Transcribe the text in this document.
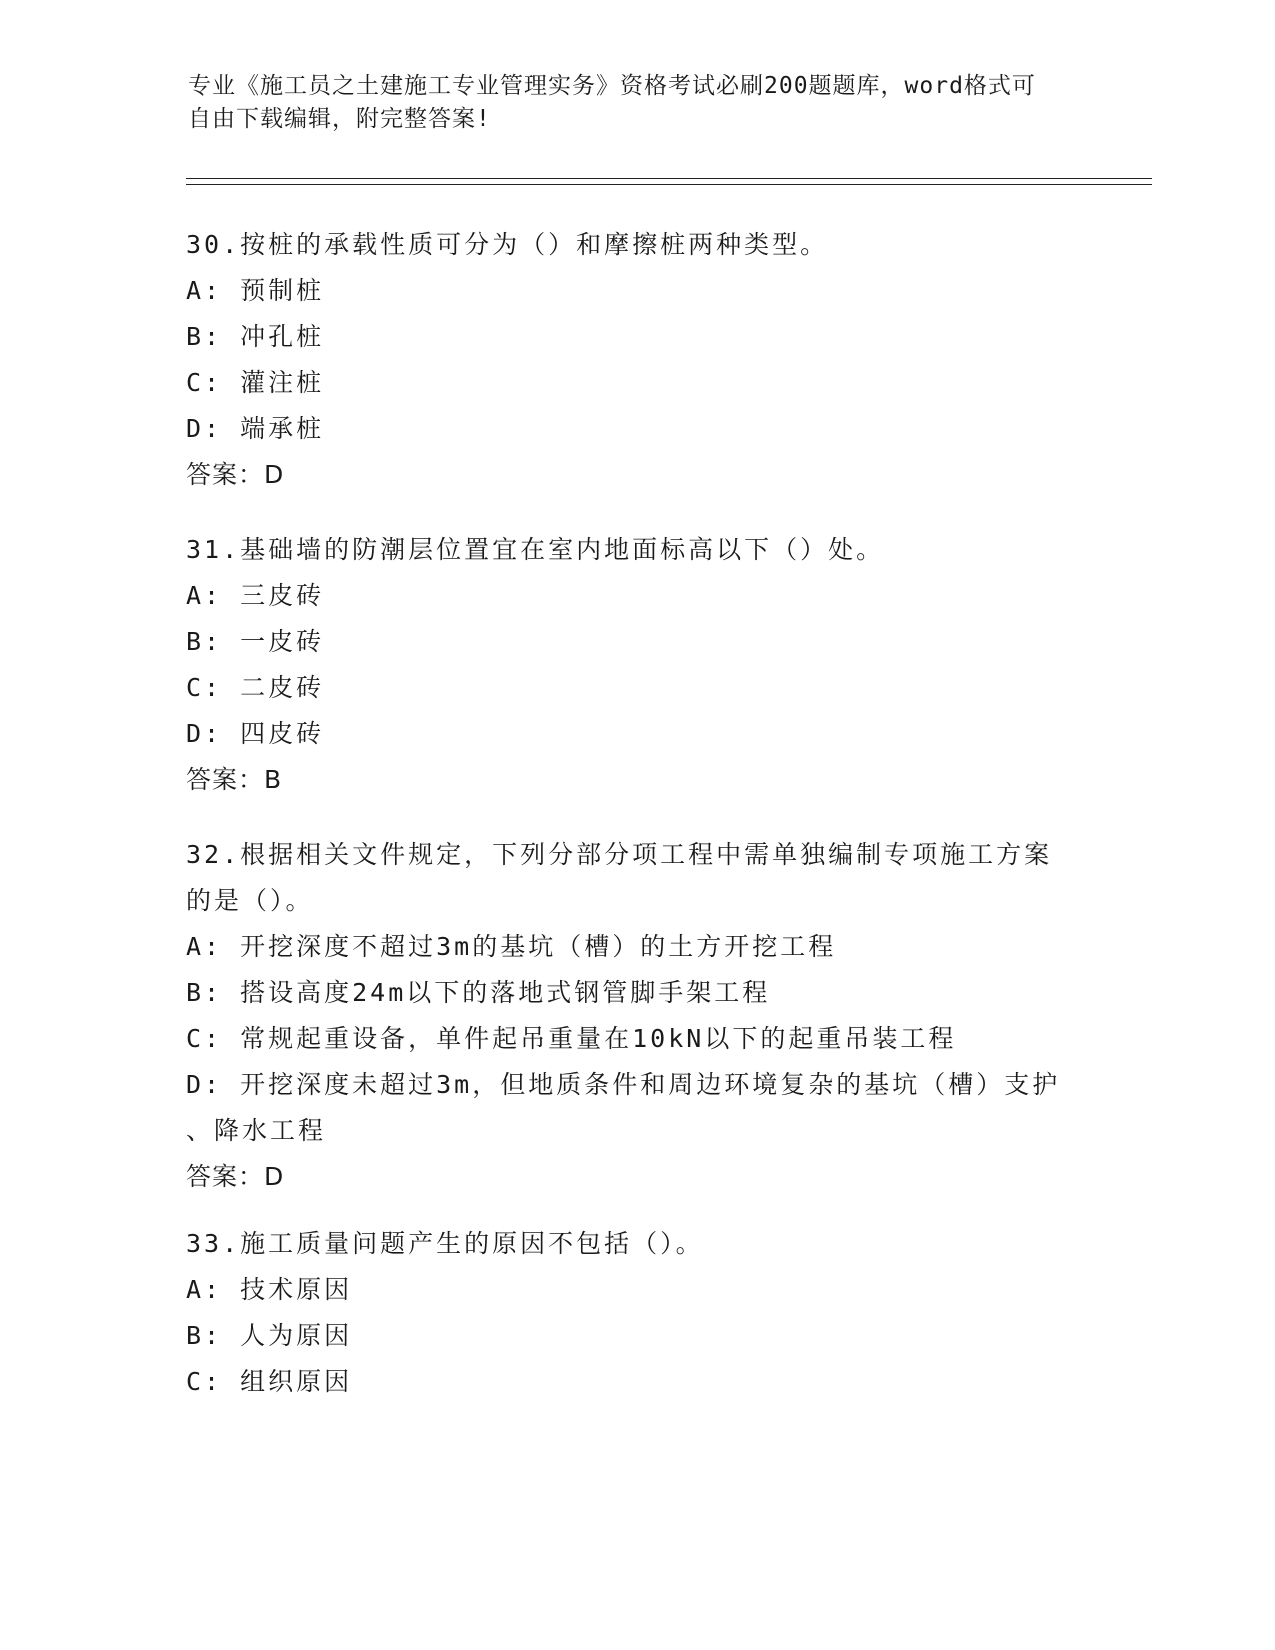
专业《施工员之土建施工专业管理实务》资格考试必刷200题题库，word格式可
自由下载编辑，附完整答案!
30.按桩的承载性质可分为（）和摩擦桩两种类型。
A: 预制桩
B: 冲孔桩
C: 灌注桩
D: 端承桩
答案：D
31.基础墙的防潮层位置宜在室内地面标高以下（）处。
A: 三皮砖
B: 一皮砖
C: 二皮砖
D: 四皮砖
答案：B
32.根据相关文件规定，下列分部分项工程中需单独编制专项施工方案
的是（）。
A: 开挖深度不超过3m的基坑（槽）的土方开挖工程
B: 搭设高度24m以下的落地式钢管脚手架工程
C: 常规起重设备，单件起吊重量在10kN以下的起重吊装工程
D: 开挖深度未超过3m，但地质条件和周边环境复杂的基坑（槽）支护
、降水工程
答案：D
33.施工质量问题产生的原因不包括（）。
A: 技术原因
B: 人为原因
C: 组织原因
